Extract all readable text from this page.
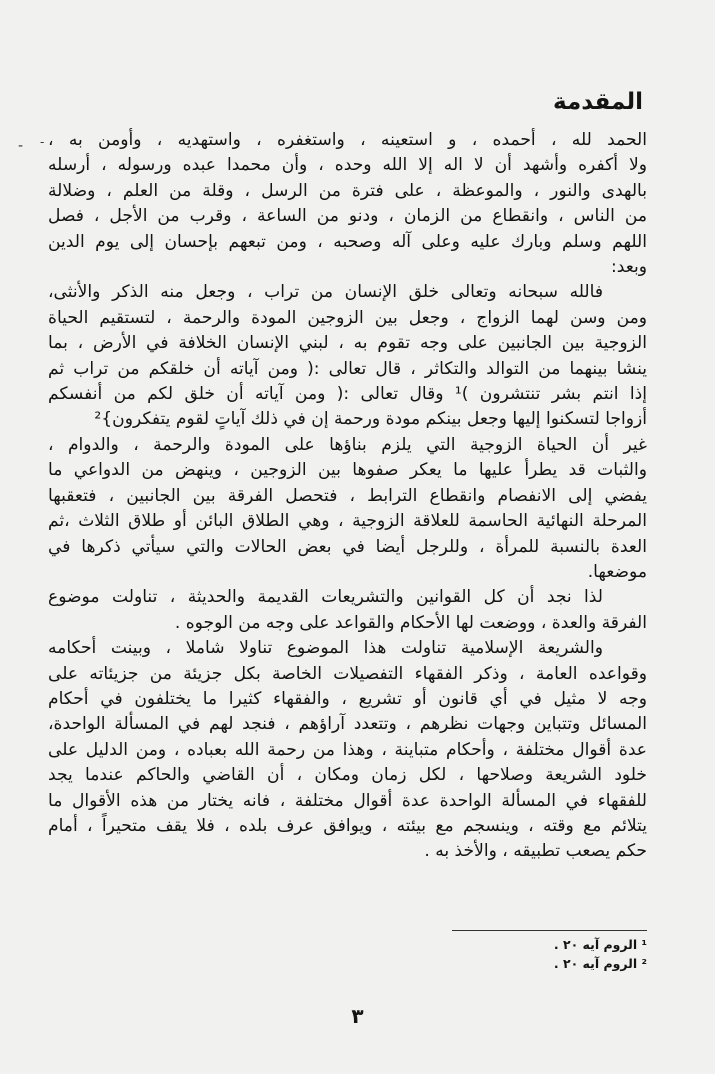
- -
المقدمة
الحمد لله ، أحمده ، و استعينه ، واستغفره ، واستهديه ، وأومن به ،
ولا أكفره وأشهد أن لا اله إلا الله وحده ، وأن محمدا عبده ورسوله ، أرسله
بالهدى والنور ، والموعظة ، على فترة من الرسل ، وقلة من العلم ، وضلالة
من الناس ، وانقطاع من الزمان ، ودنو من الساعة ، وقرب من الأجل ، فصل
اللهم وسلم وبارك عليه وعلى آله وصحبه ، ومن تبعهم بإحسان إلى يوم الدين
وبعد:
فالله سبحانه وتعالى خلق الإنسان من تراب ، وجعل منه الذكر والأنثى،
ومن وسن لهما الزواج ، وجعل بين الزوجين المودة والرحمة ، لتستقيم الحياة
الزوجية بين الجانبين على وجه تقوم به ، لبني الإنسان الخلافة في الأرض ، بما
ينشا بينهما من التوالد والتكاثر ، قال تعالى :( ومن آياته أن خلقكم من تراب ثم
إذا انتم بشر تنتشرون )¹ وقال تعالى :( ومن آياته أن خلق لكم من أنفسكم
أزواجا لتسكنوا إليها وجعل بينكم مودة ورحمة إن في ذلك آياتٍ لقوم يتفكرون}²
غير أن الحياة الزوجية التي يلزم بناؤها على المودة والرحمة ، والدوام ،
والثبات قد يطرأ عليها ما يعكر صفوها بين الزوجين ، وينهض من الدواعي ما
يفضي إلى الانفصام وانقطاع الترابط ، فتحصل الفرقة بين الجانبين ، فتعقبها
المرحلة النهائية الحاسمة للعلاقة الزوجية ، وهي الطلاق البائن أو طلاق الثلاث ،ثم
العدة بالنسبة للمرأة ، وللرجل أيضا في بعض الحالات والتي سيأتي ذكرها في
موضعها.
لذا نجد أن كل القوانين والتشريعات القديمة والحديثة ، تناولت موضوع
الفرقة والعدة ، ووضعت لها الأحكام والقواعد على وجه من الوجوه .
والشريعة الإسلامية تناولت هذا الموضوع تناولا شاملا ، وبينت أحكامه
وقواعده العامة ، وذكر الفقهاء التفصيلات الخاصة بكل جزيئة من جزيئاته على
وجه لا مثيل في أي قانون أو تشريع ، والفقهاء كثيرا ما يختلفون في أحكام
المسائل وتتباين وجهات نظرهم ، وتتعدد آراؤهم ، فنجد لهم في المسألة الواحدة،
عدة أقوال مختلفة ، وأحكام متباينة ، وهذا من رحمة الله بعباده ، ومن الدليل على
خلود الشريعة وصلاحها ، لكل زمان ومكان ، أن القاضي والحاكم عندما يجد
للفقهاء في المسألة الواحدة عدة أقوال مختلفة ، فانه يختار من هذه الأقوال ما
يتلائم مع وقته ، وينسجم مع بيئته ، ويوافق عرف بلده ، فلا يقف متحيراً ، أمام
حكم يصعب تطبيقه ، والأخذ به .
¹ الروم آيه ٢٠ .
² الروم آيه ٢٠ .
٣
